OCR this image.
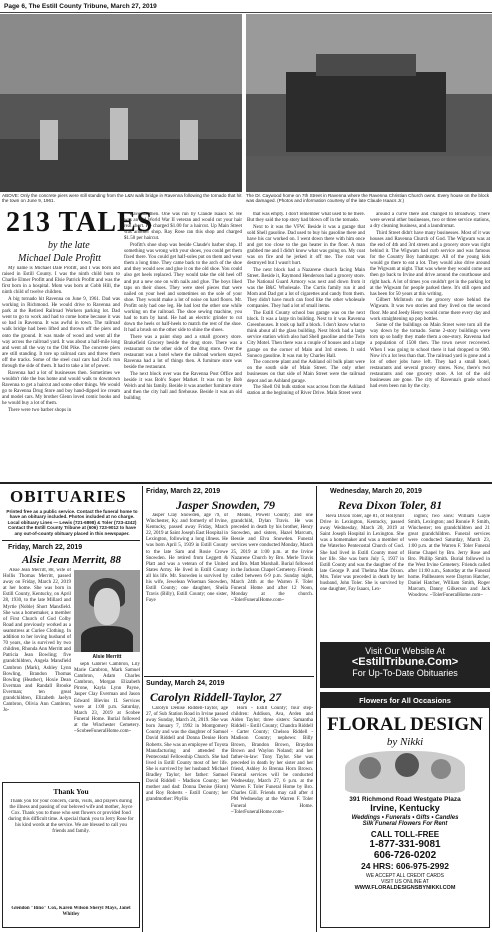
Page 6, The Estill County Tribune, March 27, 2019
ABOVE: Only the concrete piers were still standing from the L&N walk bridge in Ravenna following the tornado that hit the town on June 9, 1961.
The Dr. Caywood home on 7th Street in Ravenna where the Ravenna Christian Church owns. Every house on the block was damaged. (Photos and information courtesy of the late Claude Isaacs Jr.)
213 TALES
by the late
Michael Dale Profitt

My name is Michael Dale Profitt, and I was born and raised in Estill County. I was the ninth child born to Charlie Elmer Profitt and Elsie Patrick Profitt and was the first born in a hospital. Mom was born at Cobb Hill, the ninth child of twelve children.

A big tornado hit Ravenna on June 9, 1961. Dad was working in Richmond. He would drive to Ravenna and park at the Retired Railroad Workers parking lot. Dad went to go to work and had to come home because it was so bad in Ravenna. It was awful in town. The railroad walk bridge had been lifted and thrown off the piers and onto the ground. It was made of wood and went all the way across the railroad yard. It was about a half-mile long and went all the way to the Old Pike. The concrete piers are still standing. It tore up railroad cars and threw them off the tracks. Some of the steel coal cars had 2x4's run through the side of them. It had to take a lot of power.

Ravenna had a lot of businesses then. Sometimes we wouldn't ride the bus home and would walk to downtown Ravenna to get a haircut and some other things. We would go to Ravenna Drug Store and buy hand-dipped ice cream and model cars. My brother Glenn loved comic books and he would buy a lot of them.

There were two barber shops in

Ravenna then. One was run by Claude Isaacs Sr. He was an old World War II veteran and would cut your hair real short. He charged $1.00 for a haircut. Up Main Street was another shop. Ray Rose ran this shop and charged $1.50 per haircut.

Profitt's shoe shop was beside Claude's barber shop. If something was wrong with your shoes, you could get them fixed there. You could get half-soles put on them and wear them a long time. They came back to the arch of the shoe and they would sew and glue it on the old shoe. You could also get heels replaced. They would take the old heel off and put a new one on with nails and glue. The boys liked taps on their shoes. They were steel pieces that were nailed on your heel and sometimes on the sole of your shoe. They would make a lot of noise on hard floors. Mr. Profitt only had one leg. He had lost the other one while working on the railroad. The shoe sewing machine, you had to turn by hand. He had an electric grinder to cut down the heels or half-heels to match the rest of the shoe. It had a brush on the other side to shine the shoes.

There was a paint shop and a small grocery store. Brakefield Grocery beside the drug store. There was a restaurant on the other side of the drug store. Over the restaurant was a hotel where the railroad workers stayed. Ravenna had a lot of things then. A furniture store was beside the restaurant.

The next block over was the Ravenna Post Office and beside it was Bob's Super Market. It was run by Bob Welch and his family. Beside it was another furniture store and then the city hall and firehouse. Beside it was an old building

that was empty. I don't remember what used to be there. But they said the top story had blown off in the tornado.

Next to it was the VFW. Beside it was a garage that sold Shell gasoline. Dad used to buy his gasoline there and have his car worked on. I went down there with him once and got too close to the gas heater in the floor. A man grabbed me and I didn't know what was going on. My coat was on fire and he jerked it off me. The coat was destroyed but I wasn't hurt.

The next block had a Nazarene church facing Main Street. Beside it, Raymond Henderson had a grocery store. The National Guard Armory was next and down from it was the B&C Wholesale. The Curtis family run it and Mom and Dad got a lot of cigarettes and candy from them. They didn't have much can food like the other wholesale companies. They had a lot of small items.

The Estill County school bus garage was on the next block. It was a large tin building. Next to it was Ravenna Greenhouses. It took up half a block. I don't know what to think about all the glass building. Next block had a large service station which also had Shell gasoline and the Twin City Motel. Then there was a couple of houses and a large garage on the corner of Main and 3rd streets. It sold Sunoco gasoline. It was run by Charles Hall.

The concrete plant and the Ashland oil bulk plant were on the south side of Main Street. The only other businesses on that side of Main Street were the railroad depot and an Ashland garage.

The Shell Oil bulk station was across from the Ashland station at the beginning of River Drive. Main Street went

around a curve there and changed to Broadway. There were several other businesses, two or three service stations, a dry cleaning business, and a laundromat.

Third Street didn't have many businesses. Most of it was houses and Ravenna Church of God. The Wigwam was at the end of 4th and 3rd streets and a grocery store was right behind it. The Wigwam had curb service and was famous for the Country Boy hamburger. All of the young kids would go there to eat a lot. They would also drive around the Wigwam at night. That was where they would come out then go back to Irvine and drive around the courthouse and right back. A lot of times you couldn't get in the parking lot at the Wigwam for people parked there. It's still open and has been for 50 years at this writing.

Gilbert McIntosh run the grocery store behind the Wigwam. It was two stories and they lived on the second floor. Me and Jeedy Henry would come there every day and work straightening up pop bottles.

Some of the buildings on Main Street were torn all the way down by the tornado. Some 2-story buildings were torn up so badly they made them a one-story. Ravenna had a population of 1500 then. The town never recovered. When I was going to school there it had dropped to 900. Now it's a lot less than that. The railroad yard is gone and a lot of other jobs have left. They had a small hotel, restaurants and several grocery stores. Now, there's two restaurants and one grocery store. A lot of the old businesses are gone. The city of Ravenna's grade school had even been run by the city.

OBITUARIES
Printed free as a public service. Contact the funeral home to have an obituary included. Photos included at no charge. Local obituary Lines — Lewis (721-6898) & Toler (723-4242) Contact the Estill County Tribune at (606) 723-9012 to have any out-of-county obituary placed in this newspaper.
Friday, March 22, 2019
Alsie Jean Merritt, 88

Alsie Jean Merritt, 88, wife of Hollis Thomas Merritt, passed away on Friday, March 22, 2019 at her home. She was born in Estill County, Kentucky, on April 28, 1930, to the late Millard and Myrtle (Noble) Short Mansfield. She was a homemaker, a member of First Church of God Colby Road and previously worked as a seamstress at Curlee Clothing. In addition to her loving husband of 70 years, she is survived by two children, Rhonda Ann Merritt and Patricia Jean Bowling; five grandchildren, Angela Mansfield Cambron (Mark), Ashley Lynn Bowling, Brandon Thomas Bowling (Heather), Hoxie Dean Everman and Randall Brooke Everman; ten great grandchildren, Elizabeth Jaelyn Cambron, Olivia Ann Cambron, Jo-

Alsie Merritt

seph Gabriel Cambron, Lily Marie Cambron, Mark Samuel Cambron, Adam Charles Cambron, Morgan Elizabeth Pirone, Kayla Lynn Payne, Jasper Clay Everman and Jason Edward Blevins II. Services were at 1:00 p.m. Saturday, March 23, 2019 at Scobee Funeral Home. Burial followed at the Winchester Cemetery. ~ScobeeFuneralHome.com~

Thank You

Thank you for your concern, cards, visits, and prayers during the illness and passing of our beloved wife and mother, Joyce Cox. Thank you to those who sent flowers or provided food during this difficult time. A special thank you to Jerry Rose for his kind words at the service. We are blessed to call you friends and family.

Glendon "Bino" Cox, Karen Wilson Sheryl Mays, Janet Whitley

Friday, March 22, 2019
Jasper Snowden, 79

Jasper Clay Snowden, age 79, of Winchester, Ky. and formerly of Irvine, Kentucky, passed away Friday, March 22, 2019 at Saint Joseph East Hospital in Lexington, following a long illness. He was born April 5, 1939 in Estill County to the late Sam and Rosie Crowe Snowden. He retired from Leggett & Platt and was a veteran of the United States Army. He lived in Estill County all his life. Mr. Snowden is survived by his wife, Jewelean Wiseman Snowden, Estill County; one daughter, Sheila Travis (Billy), Estill County; one sister, Faye

Means, Powell County; and one grandchild, Dylan Travis. He was preceded in death by his brother, Henry Snowden, and sisters, Hazel Marcum, Bessie and Elva Snowden. Funeral services were conducted Monday, March 25, 2019 at 1:00 p.m. at the Irvine Nazarene Church by Bro. Merle Travis and Bro. Matt Marshall. Burial followed in the Jackson Chapel Cemetery. Friends called between 6-9 p.m. Sunday night, March 24th at the Warren F. Toler Funeral Home and after 12 Noon, Monday at the church. ~TolerFuneralHome.com~

Sunday, March 24, 2019
Carolyn Riddell-Taylor, 27

Carolyn Denise Riddell-Taylor, age 27, of Sub Station Road in Irvine passed away Sunday, March 24, 2019. She was born January 7, 1992 in Montgomery County and was the daughter of Samuel David Riddell and Donna Denise Horn Roberts. She was an employee of Toyota Manufacturing and attended the Pentecostal Fellowship Church. She had lived in Estill County most of her life. She is survived by her husband: Michael Bradley Taylor; her father: Samuel David Riddell - Madison County; her mother and dad: Donna Denise (Horn) and Roy Roberts - Estill County; her grandmother: Phyllis

Horn - Estill County; four step-children: Addison, Ava, Arden and Aiden Taylor; three sisters: Samantha Riddell - Estill County; Chandra Riddell - Carter County; Chelsea Riddell - Madison County; nephews: Billy Brown, Brandon Brown, Braydon Brown and Waylon Noland; and her father-in-law: Tony Taylor. She was preceded in death by her sister and her friend, Ashley Jo Brenna Horn Brown. Funeral services will be conducted Wednesday, March 27, 6 p.m. at the Warren F. Toler Funeral Home by Bro. Charles Gill. Friends may call after 4 PM Wednesday at the Warren F. Toler Funeral Home. ~TolerFuneralHome.com~

Wednesday, March 20, 2019
Reva Dixon Toler, 81

Reva Dixon Toler, age 81, of Hollyhill Drive in Lexington, Kentucky, passed away Wednesday, March 20, 2019 at Saint Joseph Hospital in Lexington. She was a homemaker and was a member of the Waterloo Pentecostal Church of God. She had lived in Estill County most of her life. She was born July 5, 1937 in Estill County and was the daughter of the late George P. and Thelma Mae Dixon. Mrs. Toler was preceded in death by her husband, John Toler. She is survived by one daughter, Fay Isaacs, Lex-

ington; two sons: William Gayle Smith, Lexington; and Ronnie P. Smith, Winchester; ten grandchildren and 21 great grandchildren. Funeral services were conducted Saturday, March 23, 1:00 p.m. at the Warren F. Toler Funeral Home Chapel by Bro. Jerry Rose and Bro. Phillip Smith. Burial followed in the West Irvine Cemetery. Friends called after 11:00 a.m., Saturday at the Funeral home. Pallbearers were Dayton Hatcher, Daniel Hatcher, William Smith, Roger Marcum, Danny Gilkerson and Jack Woodrow. ~TolerFuneralHome.com~

Visit Our Website At
<EstillTribune.Com>
For Up-To-Date Obituaries
Flowers for All Occasions
FLORAL DESIGN
by Nikki
391 Richmond Road Westgate Plaza
Irvine, Kentucky
Weddings • Funerals • Gifts • Candles
Silk Funeral Flowers For Rent
CALL TOLL-FREE
1-877-331-9081
606-726-0202
24 HRS: 606-975-2992
WE ACCEPT ALL CREDIT CARDS
VISIT US ONLINE AT
WWW.FLORALDESIGNSBYNIKKI.COM
